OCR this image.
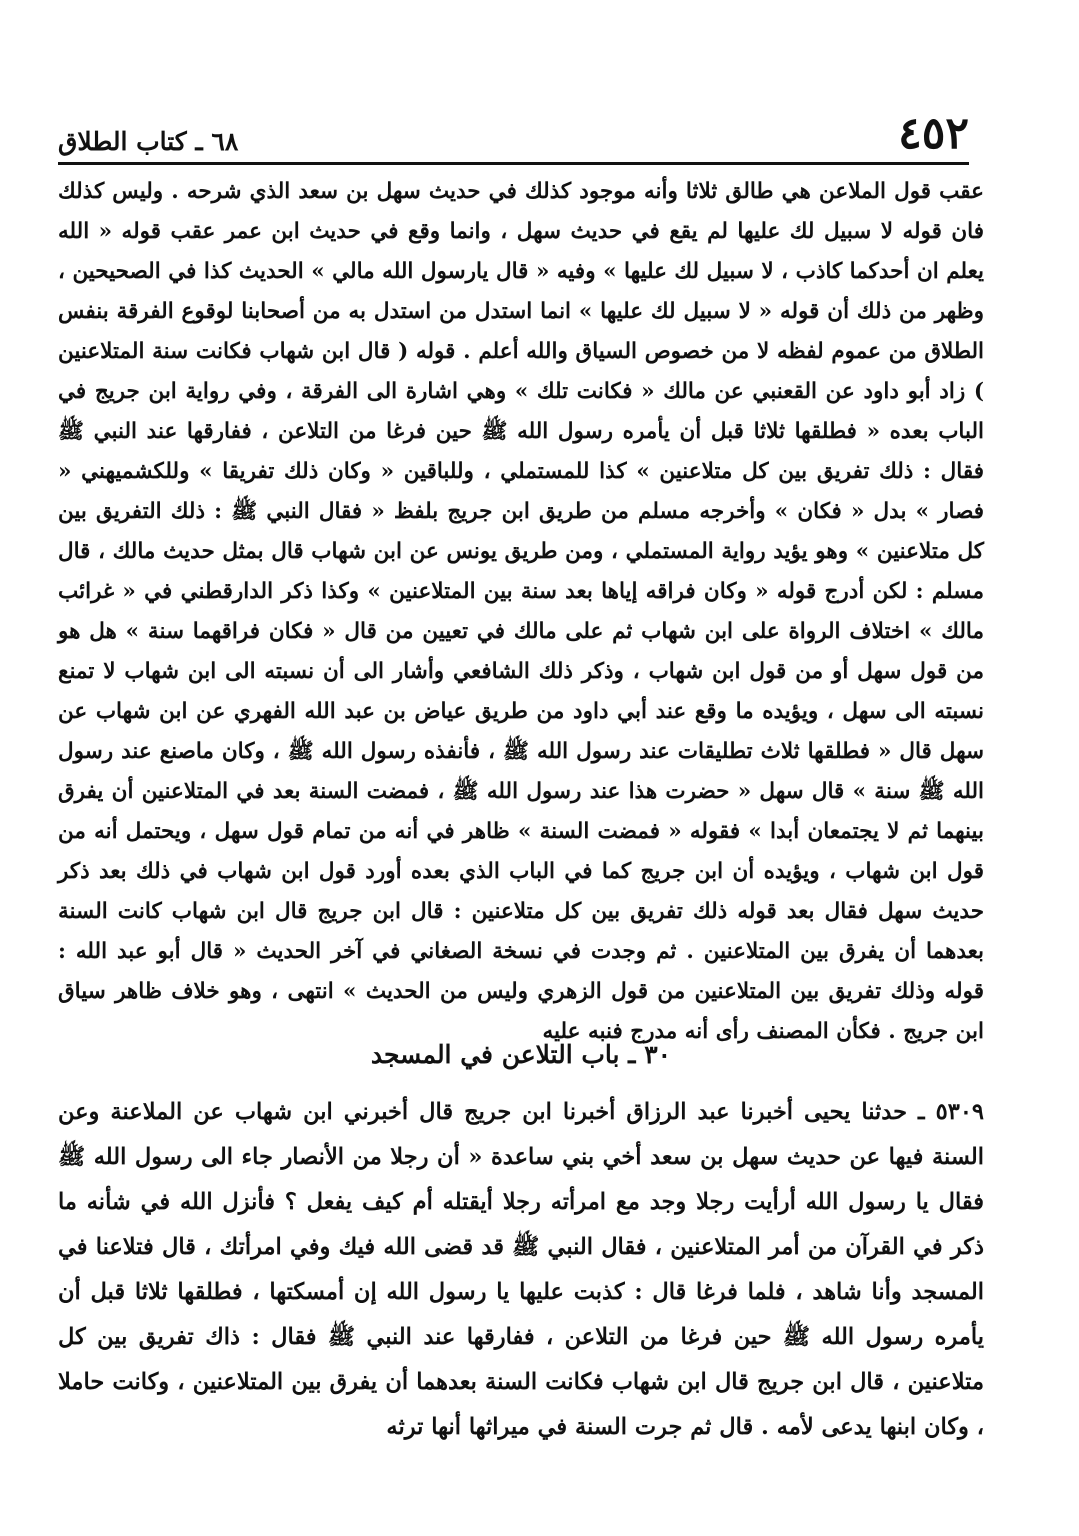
٤٥٢
٦٨ ـ كتاب الطلاق

عقب قول الملاعن هي طالق ثلاثا وأنه موجود كذلك في حديث سهل بن سعد الذي شرحه . وليس كذلك فان قوله لا سبيل لك عليها لم يقع في حديث سهل ، وانما وقع في حديث ابن عمر عقب قوله « الله يعلم ان أحدكما كاذب ، لا سبيل لك عليها » وفيه « قال يارسول الله مالي » الحديث كذا في الصحيحين ، وظهر من ذلك أن قوله « لا سبيل لك عليها » انما استدل من استدل به من أصحابنا لوقوع الفرقة بنفس الطلاق من عموم لفظه لا من خصوص السياق والله أعلم . قوله ( قال ابن شهاب فكانت سنة المتلاعنين ) زاد أبو داود عن القعنبي عن مالك « فكانت تلك » وهي اشارة الى الفرقة ، وفي رواية ابن جريج في الباب بعده « فطلقها ثلاثا قبل أن يأمره رسول الله ﷺ حين فرغا من التلاعن ، ففارقها عند النبي ﷺ فقال : ذلك تفريق بين كل متلاعنين » كذا للمستملي ، وللباقين « وكان ذلك تفريقا » وللكشميهني « فصار » بدل « فكان » وأخرجه مسلم من طريق ابن جريج بلفظ « فقال النبي ﷺ : ذلك التفريق بين كل متلاعنين » وهو يؤيد رواية المستملي ، ومن طريق يونس عن ابن شهاب قال بمثل حديث مالك ، قال مسلم : لكن أدرج قوله « وكان فراقه إياها بعد سنة بين المتلاعنين » وكذا ذكر الدارقطني في « غرائب مالك » اختلاف الرواة على ابن شهاب ثم على مالك في تعيين من قال « فكان فراقهما سنة » هل هو من قول سهل أو من قول ابن شهاب ، وذكر ذلك الشافعي وأشار الى أن نسبته الى ابن شهاب لا تمنع نسبته الى سهل ، ويؤيده ما وقع عند أبي داود من طريق عياض بن عبد الله الفهري عن ابن شهاب عن سهل قال « فطلقها ثلاث تطليقات عند رسول الله ﷺ ، فأنفذه رسول الله ﷺ ، وكان ماصنع عند رسول الله ﷺ سنة » قال سهل « حضرت هذا عند رسول الله ﷺ ، فمضت السنة بعد في المتلاعنين أن يفرق بينهما ثم لا يجتمعان أبدا » فقوله « فمضت السنة » ظاهر في أنه من تمام قول سهل ، ويحتمل أنه من قول ابن شهاب ، ويؤيده أن ابن جريج كما في الباب الذي بعده أورد قول ابن شهاب في ذلك بعد ذكر حديث سهل فقال بعد قوله ذلك تفريق بين كل متلاعنين : قال ابن جريج قال ابن شهاب كانت السنة بعدهما أن يفرق بين المتلاعنين . ثم وجدت في نسخة الصغاني في آخر الحديث « قال أبو عبد الله : قوله وذلك تفريق بين المتلاعنين من قول الزهري وليس من الحديث » انتهى ، وهو خلاف ظاهر سياق ابن جريج . فكأن المصنف رأى أنه مدرج فنبه عليه

٣٠ ـ باب التلاعن في المسجد

٥٣٠٩ ـ حدثنا يحيى أخبرنا عبد الرزاق أخبرنا ابن جريج قال أخبرني ابن شهاب عن الملاعنة وعن السنة فيها عن حديث سهل بن سعد أخي بني ساعدة « أن رجلا من الأنصار جاء الى رسول الله ﷺ فقال يا رسول الله أرأيت رجلا وجد مع امرأته رجلا أيقتله أم كيف يفعل ؟ فأنزل الله في شأنه ما ذكر في القرآن من أمر المتلاعنين ، فقال النبي ﷺ قد قضى الله فيك وفي امرأتك ، قال فتلاعنا في المسجد وأنا شاهد ، فلما فرغا قال : كذبت عليها يا رسول الله إن أمسكتها ، فطلقها ثلاثا قبل أن يأمره رسول الله ﷺ حين فرغا من التلاعن ، ففارقها عند النبي ﷺ فقال : ذاك تفريق بين كل متلاعنين ، قال ابن جريج قال ابن شهاب فكانت السنة بعدهما أن يفرق بين المتلاعنين ، وكانت حاملا ، وكان ابنها يدعى لأمه . قال ثم جرت السنة في ميراثها أنها ترثه
